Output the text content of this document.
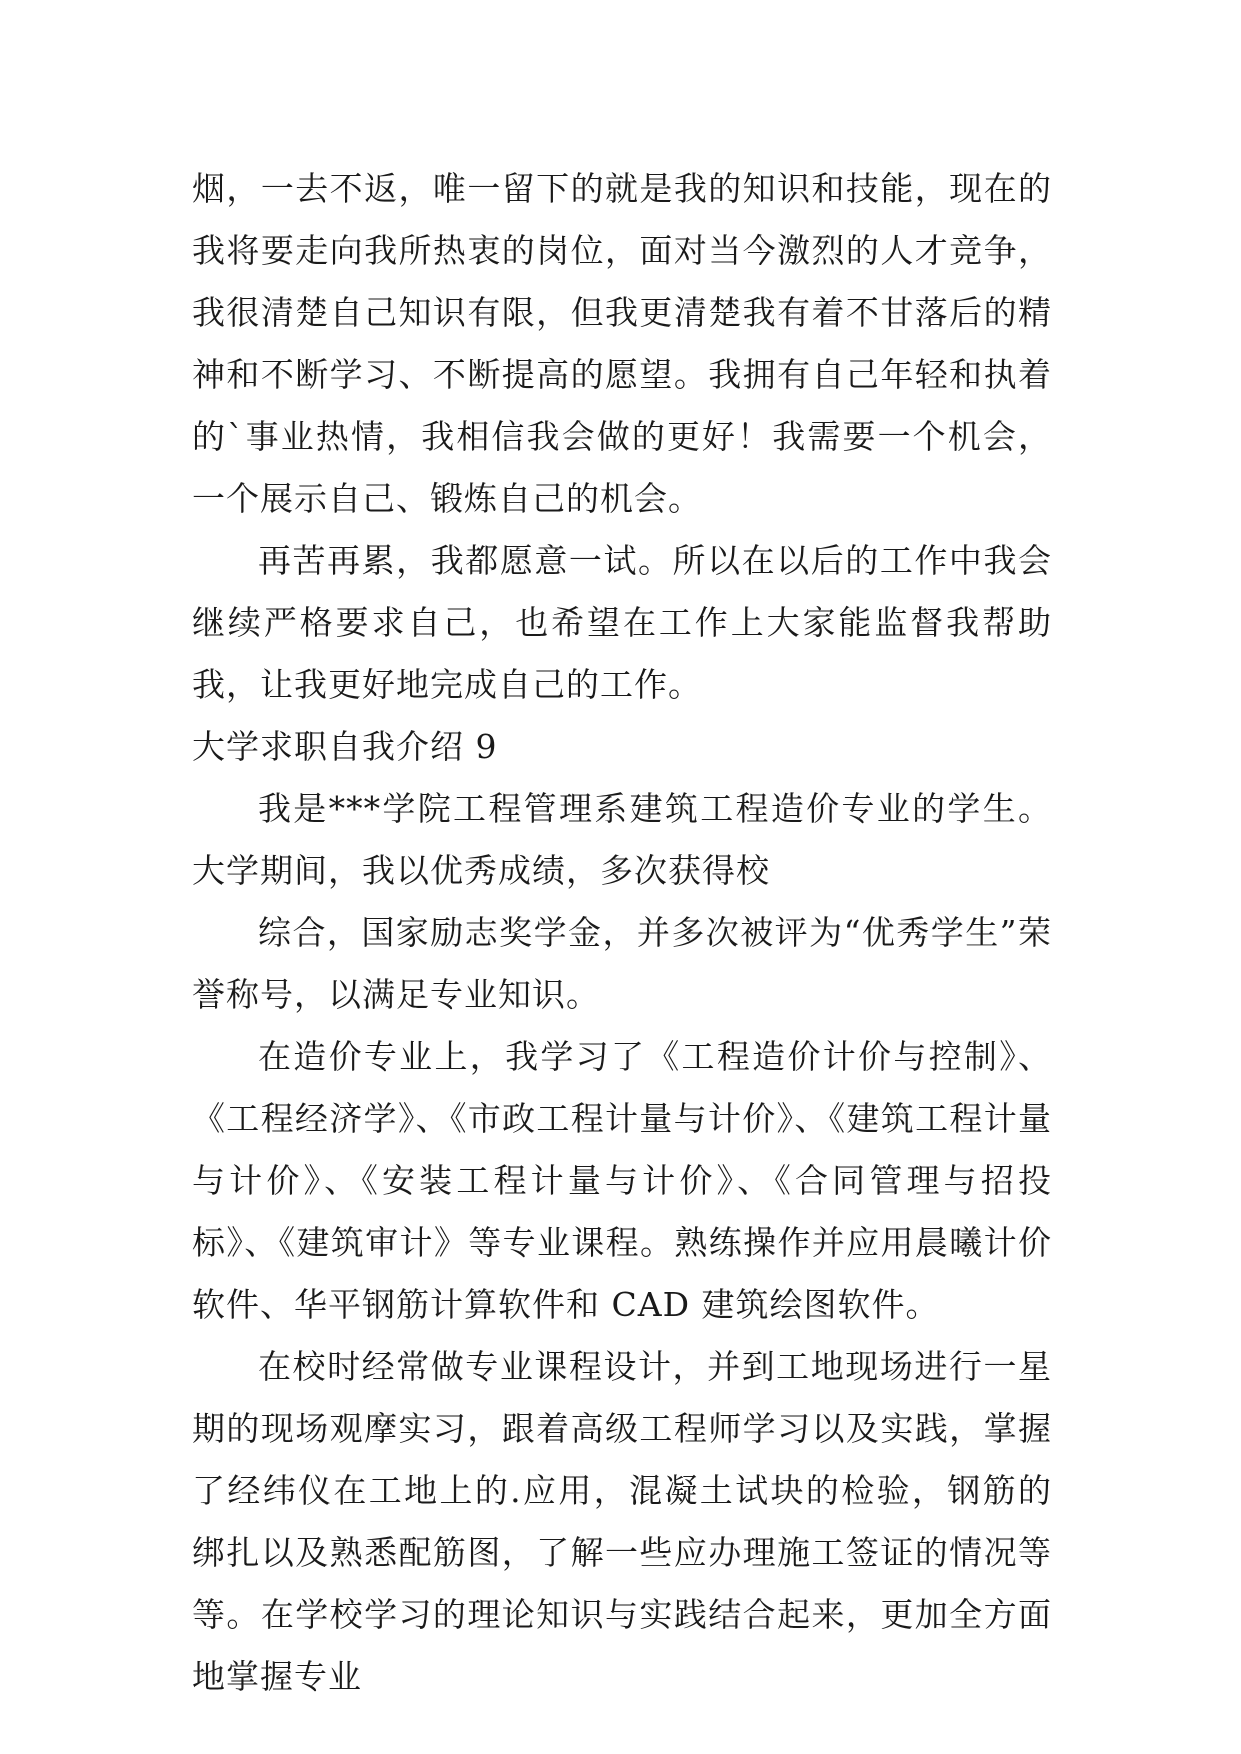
烟，一去不返，唯一留下的就是我的知识和技能，现在的我将要走向我所热衷的岗位，面对当今激烈的人才竞争，我很清楚自己知识有限，但我更清楚我有着不甘落后的精神和不断学习、不断提高的愿望。我拥有自己年轻和执着的`事业热情，我相信我会做的更好！我需要一个机会，一个展示自己、锻炼自己的机会。

再苦再累，我都愿意一试。所以在以后的工作中我会继续严格要求自己，也希望在工作上大家能监督我帮助我，让我更好地完成自己的工作。

大学求职自我介绍 9

我是***学院工程管理系建筑工程造价专业的学生。大学期间，我以优秀成绩，多次获得校

综合，国家励志奖学金，并多次被评为“优秀学生”荣誉称号，以满足专业知识。

在造价专业上，我学习了《工程造价计价与控制》、《工程经济学》、《市政工程计量与计价》、《建筑工程计量与计价》、《安装工程计量与计价》、《合同管理与招投标》、《建筑审计》等专业课程。熟练操作并应用晨曦计价软件、华平钢筋计算软件和 CAD 建筑绘图软件。

在校时经常做专业课程设计，并到工地现场进行一星期的现场观摩实习，跟着高级工程师学习以及实践，掌握了经纬仪在工地上的.应用，混凝土试块的检验，钢筋的绑扎以及熟悉配筋图，了解一些应办理施工签证的情况等等。在学校学习的理论知识与实践结合起来，更加全方面地掌握专业
